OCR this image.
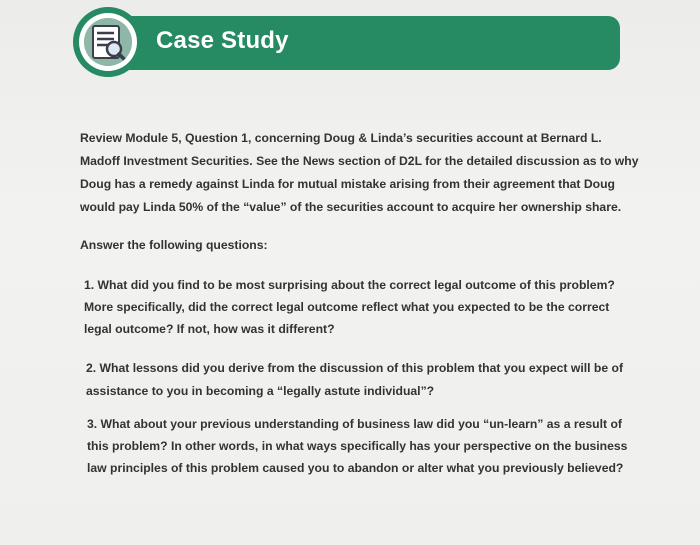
Case Study
Review Module 5, Question 1, concerning Doug & Linda’s securities account at Bernard L.
Madoff Investment Securities. See the News section of D2L for the detailed discussion as to why
Doug has a remedy against Linda for mutual mistake arising from their agreement that Doug
would pay Linda 50% of the “value” of the securities account to acquire her ownership share.
Answer the following questions:
1. What did you find to be most surprising about the correct legal outcome of this problem?
More specifically, did the correct legal outcome reflect what you expected to be the correct
legal outcome? If not, how was it different?
2. What lessons did you derive from the discussion of this problem that you expect will be of
assistance to you in becoming a “legally astute individual”?
3. What about your previous understanding of business law did you “un-learn” as a result of
this problem? In other words, in what ways specifically has your perspective on the business
law principles of this problem caused you to abandon or alter what you previously believed?
